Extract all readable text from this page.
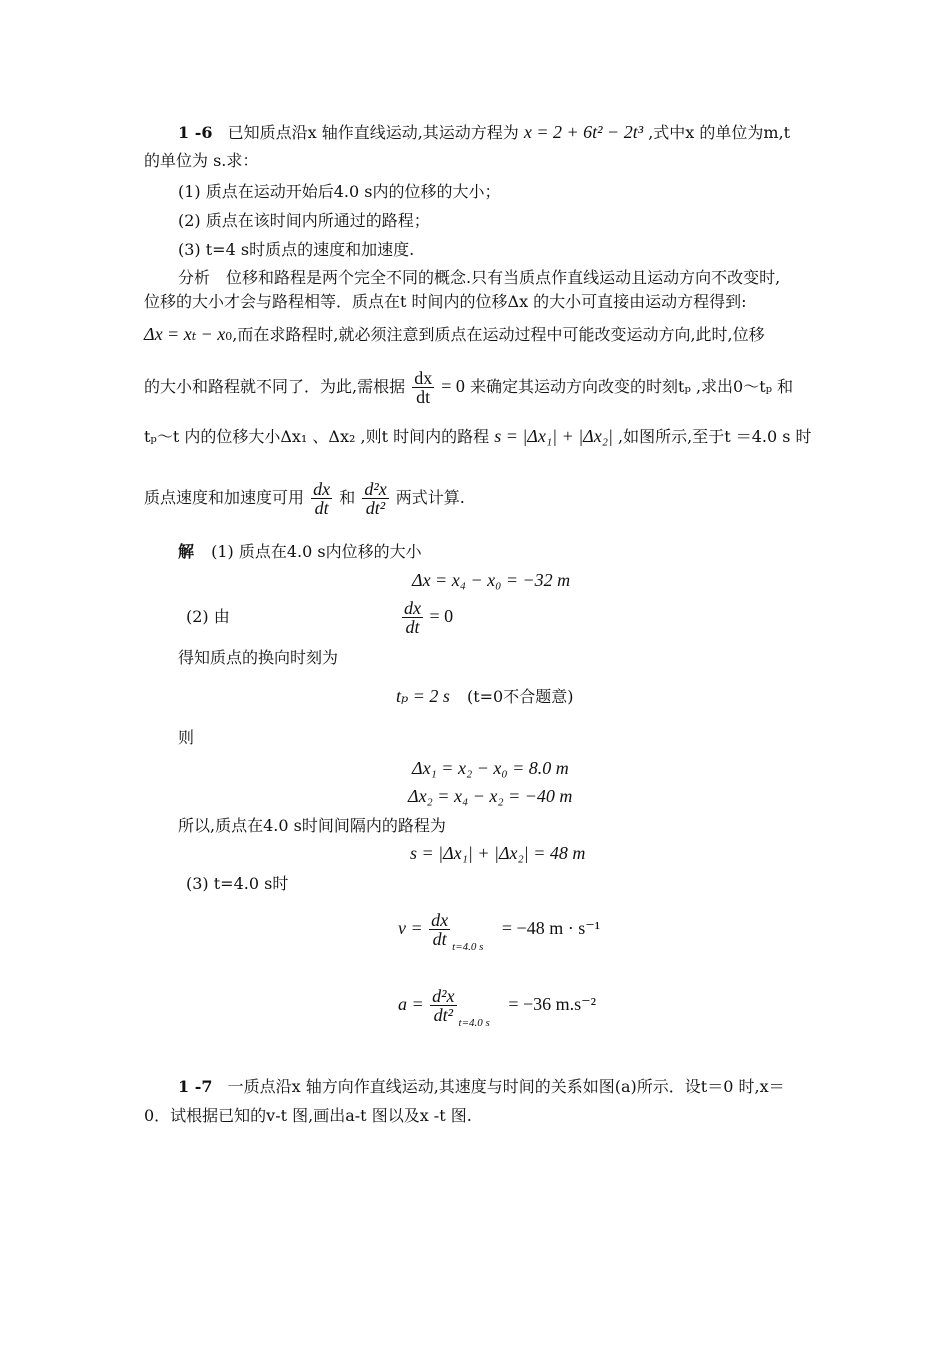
1 -6 已知质点沿x 轴作直线运动,其运动方程为 x = 2 + 6t² − 2t³ ,式中x 的单位为m,t
的单位为 s.求：
(1) 质点在运动开始后4.0 s内的位移的大小；
(2) 质点在该时间内所通过的路程；
(3) t=4 s时质点的速度和加速度.
分析　位移和路程是两个完全不同的概念.只有当质点作直线运动且运动方向不改变时,
位移的大小才会与路程相等．质点在t 时间内的位移Δx 的大小可直接由运动方程得到:
Δx = xt − x0,而在求路程时,就必须注意到质点在运动过程中可能改变运动方向,此时,位移
的大小和路程就不同了．为此,需根据 $\frac{dx}{dt} = 0$ 来确定其运动方向改变的时刻tₚ ,求出0～tₚ 和
tₚ～t 内的位移大小Δx₁ 、Δx₂ ,则t 时间内的路程 s = |Δx₁| + |Δx₂| ,如图所示,至于t ＝4.0 s 时
质点速度和加速度可用 $\frac{dx}{dt}$ 和 $\frac{\text{d²x}}{\text{dt²}}$ 两式计算.
解 (1) 质点在4.0 s内位移的大小
Δx = x₄ − x₀ = −32 m
(2) 由	$\frac{dx}{dt} = 0$
得知质点的换向时刻为
tₚ = 2 s (t=0不合题意)
则
Δx₁ = x₂ − x₀ = 8.0 m
Δx₂ = x₄ − x₂ = −40 m
所以,质点在4.0 s时间间隔内的路程为
s = |Δx₁| + |Δx₂| = 48 m
(3) t=4.0 s时
$v = \frac{dx}{dt} _{t=4.0 s} = -48$ m · s⁻¹
$a = \frac{\text{d²x}}{\text{dt²}} _{t=4.0 s} = -36$ m.s⁻²
1 -7 一质点沿x 轴方向作直线运动,其速度与时间的关系如图(a)所示．设t＝0 时,x＝
0．试根据已知的v-t 图,画出a-t 图以及x -t 图.
